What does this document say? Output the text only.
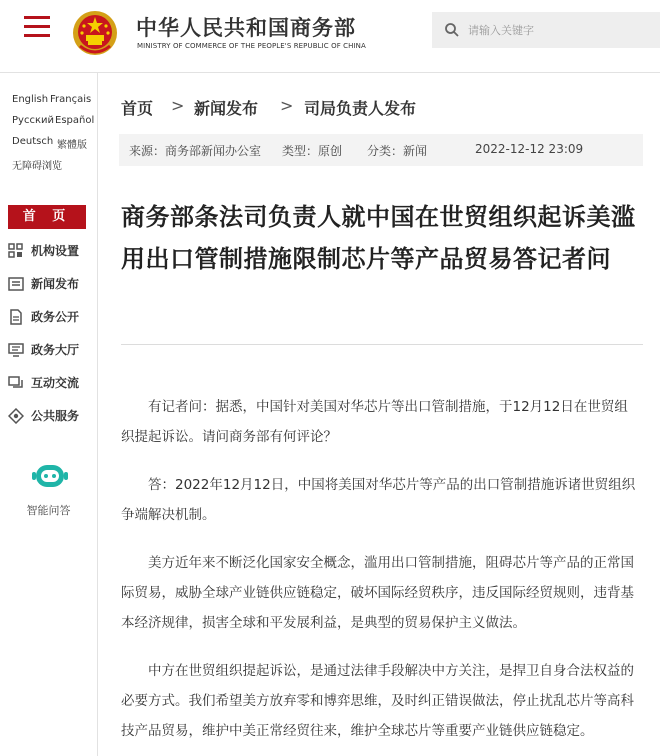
中华人民共和国商务部
MINISTRY OF COMMERCE OF THE PEOPLE'S REPUBLIC OF CHINA
请输入关键字
English Français
Русский Español
Deutsch 繁體版
无障碍浏览
首 页
机构设置
新闻发布
政务公开
政务大厅
互动交流
公共服务
智能问答
首页 > 新闻发布 > 司局负责人发布
来源：商务部新闻办公室 类型：原创 分类：新闻	2022-12-12 23:09
商务部条法司负责人就中国在世贸组织起诉美滥用出口管制措施限制芯片等产品贸易答记者问

有记者问：据悉，中国针对美国对华芯片等出口管制措施，于12月12日在世贸组织提起诉讼。请问商务部有何评论？

答：2022年12月12日，中国将美国对华芯片等产品的出口管制措施诉诸世贸组织争端解决机制。

美方近年来不断泛化国家安全概念，滥用出口管制措施，阻碍芯片等产品的正常国际贸易，威胁全球产业链供应链稳定，破坏国际经贸秩序，违反国际经贸规则，违背基本经济规律，损害全球和平发展利益，是典型的贸易保护主义做法。

中方在世贸组织提起诉讼，是通过法律手段解决中方关注，是捍卫自身合法权益的必要方式。我们希望美方放弃零和博弈思维，及时纠正错误做法，停止扰乱芯片等高科技产品贸易，维护中美正常经贸往来，维护全球芯片等重要产业链供应链稳定。
